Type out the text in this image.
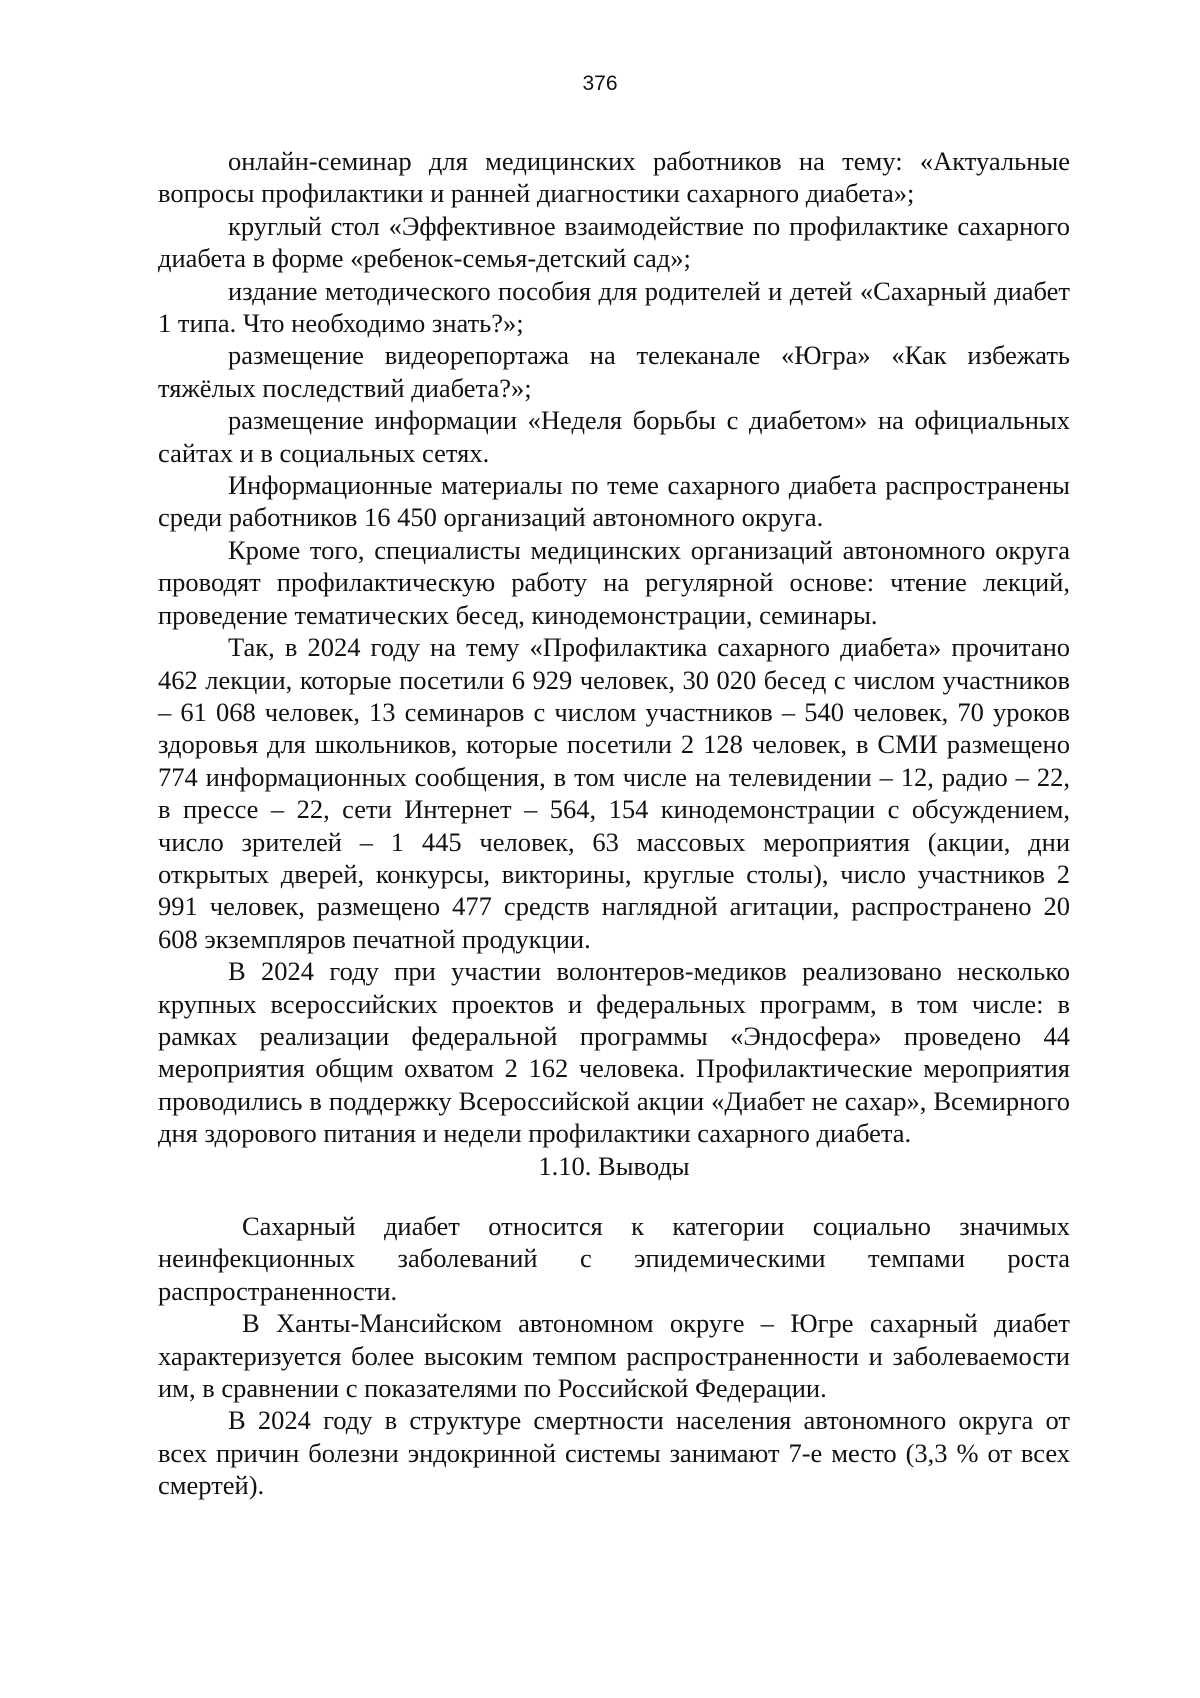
376

онлайн-семинар для медицинских работников на тему: «Актуальные вопросы профилактики и ранней диагностики сахарного диабета»;

круглый стол «Эффективное взаимодействие по профилактике сахарного диабета в форме «ребенок-семья-детский сад»;

издание методического пособия для родителей и детей «Сахарный диабет 1 типа. Что необходимо знать?»;

размещение видеорепортажа на телеканале «Югра» «Как избежать тяжёлых последствий диабета?»;

размещение информации «Неделя борьбы с диабетом» на официальных сайтах и в социальных сетях.

Информационные материалы по теме сахарного диабета распространены среди работников 16 450 организаций автономного округа.

Кроме того, специалисты медицинских организаций автономного округа проводят профилактическую работу на регулярной основе: чтение лекций, проведение тематических бесед, кинодемонстрации, семинары.

Так, в 2024 году на тему «Профилактика сахарного диабета» прочитано 462 лекции, которые посетили 6 929 человек, 30 020 бесед с числом участников – 61 068 человек, 13 семинаров с числом участников – 540 человек, 70 уроков здоровья для школьников, которые посетили 2 128 человек, в СМИ размещено 774 информационных сообщения, в том числе на телевидении – 12, радио – 22, в прессе – 22, сети Интернет – 564, 154 кинодемонстрации с обсуждением, число зрителей – 1 445 человек, 63 массовых мероприятия (акции, дни открытых дверей, конкурсы, викторины, круглые столы), число участников 2 991 человек, размещено 477 средств наглядной агитации, распространено 20 608 экземпляров печатной продукции.

В 2024 году при участии волонтеров-медиков реализовано несколько крупных всероссийских проектов и федеральных программ, в том числе: в рамках реализации федеральной программы «Эндосфера» проведено 44 мероприятия общим охватом 2 162 человека. Профилактические мероприятия проводились в поддержку Всероссийской акции «Диабет не сахар», Всемирного дня здорового питания и недели профилактики сахарного диабета.

1.10. Выводы

Сахарный диабет относится к категории социально значимых неинфекционных заболеваний с эпидемическими темпами роста распространенности.

В Ханты-Мансийском автономном округе – Югре сахарный диабет характеризуется более высоким темпом распространенности и заболеваемости им, в сравнении с показателями по Российской Федерации.

В 2024 году в структуре смертности населения автономного округа от всех причин болезни эндокринной системы занимают 7-е место (3,3 % от всех смертей).
